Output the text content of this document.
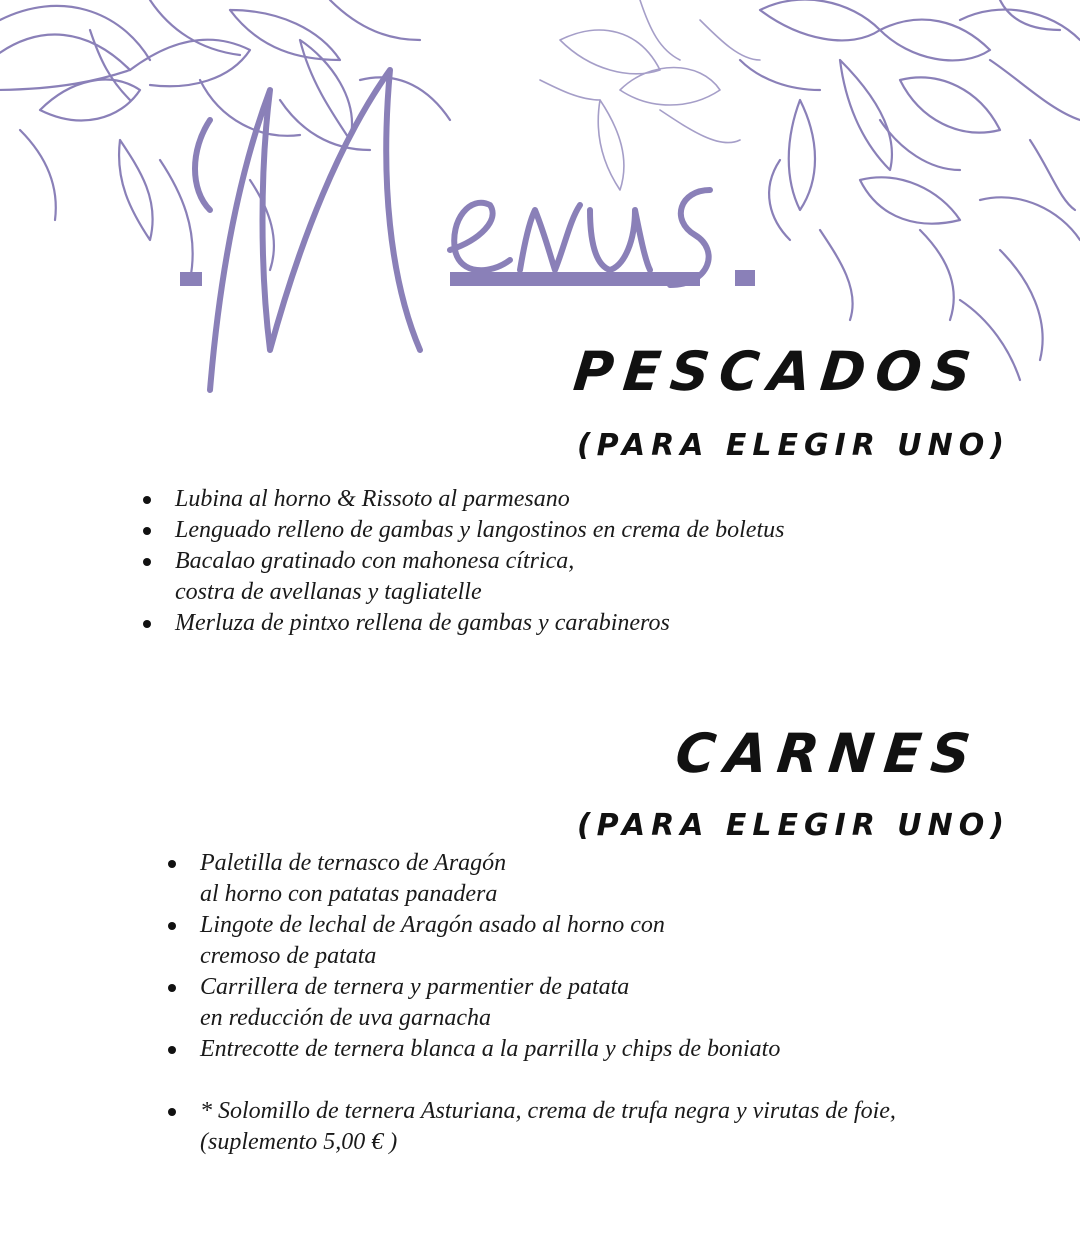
Menus.
PESCADOS

(PARA ELEGIR UNO)

Lubina al horno & Rissoto al parmesano
Lenguado relleno de gambas y langostinos en crema de boletus
Bacalao gratinado con mahonesa cítrica,
costra de avellanas y tagliatelle
Merluza de pintxo rellena de gambas y carabineros
CARNES

(PARA ELEGIR UNO)

Paletilla de ternasco de Aragón
al horno con patatas panadera
Lingote de lechal de Aragón asado al horno con
cremoso de patata
Carrillera de ternera y parmentier de patata
en reducción de uva garnacha
Entrecotte de ternera blanca a la parrilla y chips de boniato
* Solomillo de ternera Asturiana, crema de trufa negra y virutas de foie,
(suplemento 5,00 € )
